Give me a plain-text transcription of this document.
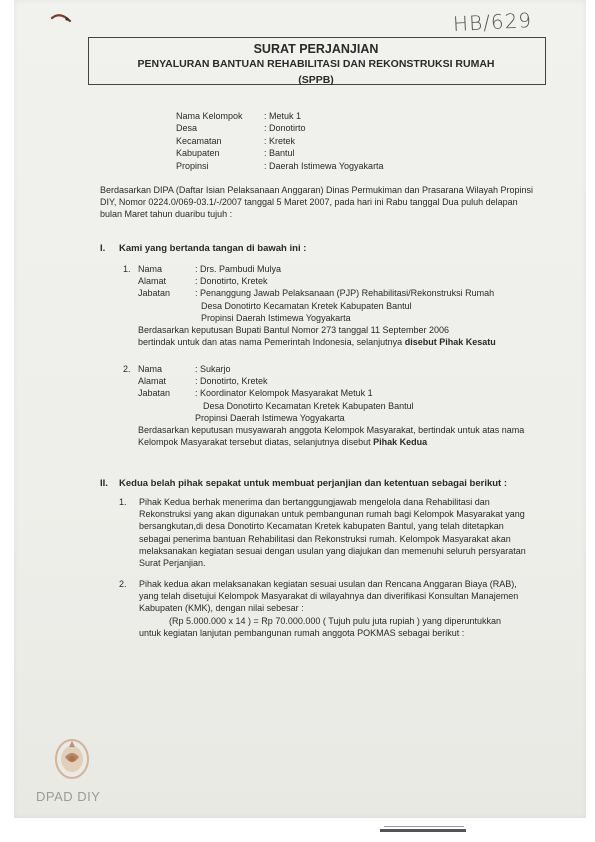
HB/629
SURAT PERJANJIAN
PENYALURAN BANTUAN REHABILITASI DAN REKONSTRUKSI RUMAH
(SPPB)
Nama Kelompok	: Metuk 1
Desa	: Donotirto
Kecamatan	: Kretek
Kabupaten	: Bantul
Propinsi	: Daerah Istimewa Yogyakarta
Berdasarkan DIPA (Daftar Isian Pelaksanaan Anggaran) Dinas Permukiman dan Prasarana Wilayah Propinsi
DIY, Nomor 0224.0/069-03.1/-/2007 tanggal 5 Maret 2007, pada hari ini Rabu tanggal Dua puluh delapan
bulan Maret tahun duaribu tujuh :
I. Kami yang bertanda tangan di bawah ini :
1. Nama	: Drs. Pambudi Mulya
Alamat	: Donotirto, Kretek
Jabatan	: Penanggung Jawab Pelaksanaan (PJP) Rehabilitasi/Rekonstruksi Rumah
Desa Donotirto Kecamatan Kretek Kabupaten Bantul
Propinsi Daerah Istimewa Yogyakarta
Berdasarkan keputusan Bupati Bantul Nomor 273 tanggal 11 September 2006
bertindak untuk dan atas nama Pemerintah Indonesia, selanjutnya disebut Pihak Kesatu
2. Nama	: Sukarjo
Alamat	: Donotirto, Kretek
Jabatan	: Koordinator Kelompok Masyarakat Metuk 1
Desa Donotirto Kecamatan Kretek Kabupaten Bantul
Propinsi Daerah Istimewa Yogyakarta
Berdasarkan keputusan musyawarah anggota Kelompok Masyarakat, bertindak untuk atas nama
Kelompok Masyarakat tersebut diatas, selanjutnya disebut Pihak Kedua
II. Kedua belah pihak sepakat untuk membuat perjanjian dan ketentuan sebagai berikut :
1. Pihak Kedua berhak menerima dan bertanggungjawab mengelola dana Rehabilitasi dan

Rekonstruksi yang akan digunakan untuk pembangunan rumah bagi Kelompok Masyarakat yang

bersangkutan,di desa Donotirto Kecamatan Kretek kabupaten Bantul, yang telah ditetapkan

sebagai penerima bantuan Rehabilitasi dan Rekonstruksi rumah. Kelompok Masyarakat akan

melaksanakan kegiatan sesuai dengan usulan yang diajukan dan memenuhi seluruh persyaratan

Surat Perjanjian.

2. Pihak kedua akan melaksanakan kegiatan sesuai usulan dan Rencana Anggaran Biaya (RAB),

yang telah disetujui Kelompok Masyarakat di wilayahnya dan diverifikasi Konsultan Manajemen

Kabupaten (KMK), dengan nilai sebesar :

(Rp 5.000.000 x 14 ) = Rp 70.000.000 ( Tujuh pulu juta rupiah ) yang diperuntukkan

untuk kegiatan lanjutan pembangunan rumah anggota POKMAS sebagai berikut :

DPAD DIY
